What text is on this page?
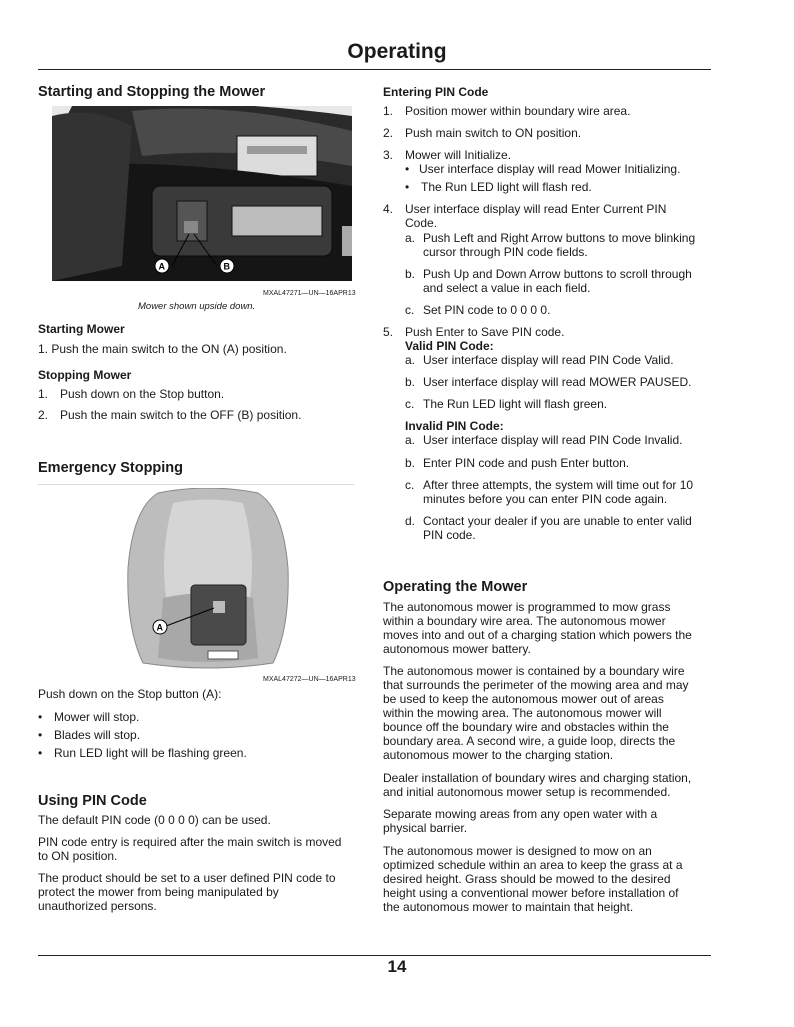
Operating
Starting and Stopping the Mower
A	B
MXAL47271—UN—16APR13
Mower shown upside down.
Starting Mower

1. Push the main switch to the ON (A) position.

Stopping Mower
1. Push down on the Stop button.
2. Push the main switch to the OFF (B) position.
Emergency Stopping
A
MXAL47272—UN—16APR13

Push down on the Stop button (A):

• Mower will stop.
• Blades will stop.
• Run LED light will be flashing green.
Using PIN Code

The default PIN code (0 0 0 0) can be used.

PIN code entry is required after the main switch is moved

to ON position.

The product should be set to a user defined PIN code to

protect the mower from being manipulated by

unauthorized persons.

Entering PIN Code
1. Position mower within boundary wire area.
2. Push main switch to ON position.
3. Mower will Initialize.
• User interface display will read Mower Initializing.
• The Run LED light will flash red.
4. User interface display will read Enter Current PIN

Code.

a. Push Left and Right Arrow buttons to move blinking

cursor through PIN code fields.

b. Push Up and Down Arrow buttons to scroll through

and select a value in each field.

c. Set PIN code to 0 0 0 0.
5. Push Enter to Save PIN code.
Valid PIN Code:
a. User interface display will read PIN Code Valid.
b. User interface display will read MOWER PAUSED.
c. The Run LED light will flash green.
Invalid PIN Code:
a. User interface display will read PIN Code Invalid.
b. Enter PIN code and push Enter button.
c. After three attempts, the system will time out for 10

minutes before you can enter PIN code again.

d. Contact your dealer if you are unable to enter valid

PIN code.

Operating the Mower

The autonomous mower is programmed to mow grass

within a boundary wire area. The autonomous mower

moves into and out of a charging station which powers the

autonomous mower battery.

The autonomous mower is contained by a boundary wire

that surrounds the perimeter of the mowing area and may

be used to keep the autonomous mower out of areas

within the mowing area. The autonomous mower will

bounce off the boundary wire and obstacles within the

boundary area. A second wire, a guide loop, directs the

autonomous mower to the charging station.

Dealer installation of boundary wires and charging station,

and initial autonomous mower setup is recommended.

Separate mowing areas from any open water with a

physical barrier.

The autonomous mower is designed to mow on an

optimized schedule within an area to keep the grass at a

desired height. Grass should be mowed to the desired

height using a conventional mower before installation of

the autonomous mower to maintain that height.

14
